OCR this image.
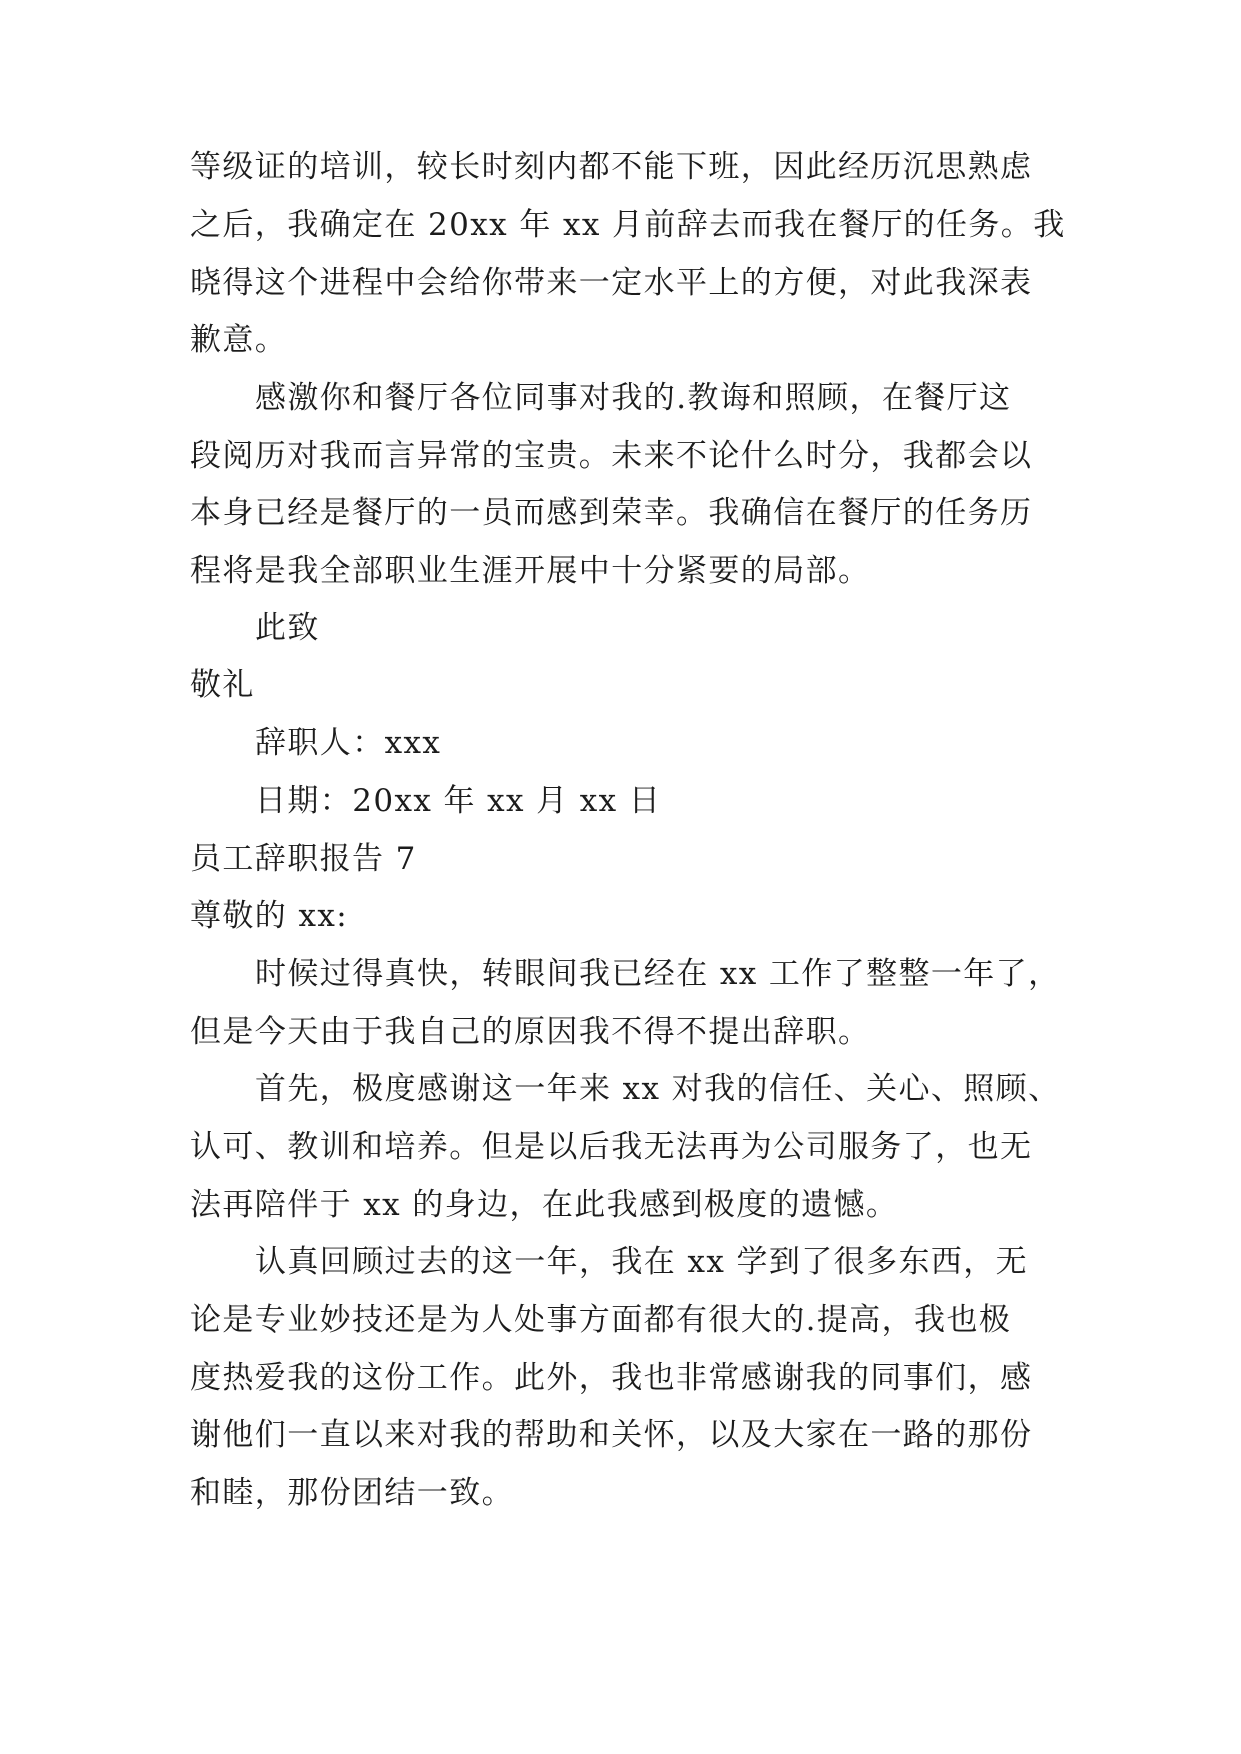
等级证的培训，较长时刻内都不能下班，因此经历沉思熟虑
之后，我确定在 20xx 年 xx 月前辞去而我在餐厅的任务。我
晓得这个进程中会给你带来一定水平上的方便，对此我深表
歉意。
感激你和餐厅各位同事对我的.教诲和照顾，在餐厅这
段阅历对我而言异常的宝贵。未来不论什么时分，我都会以
本身已经是餐厅的一员而感到荣幸。我确信在餐厅的任务历
程将是我全部职业生涯开展中十分紧要的局部。
此致
敬礼
辞职人：xxx
日期：20xx 年 xx 月 xx 日
员工辞职报告 7
尊敬的 xx:
时候过得真快，转眼间我已经在 xx 工作了整整一年了，
但是今天由于我自己的原因我不得不提出辞职。
首先，极度感谢这一年来 xx 对我的信任、关心、照顾、
认可、教训和培养。但是以后我无法再为公司服务了，也无
法再陪伴于 xx 的身边，在此我感到极度的遗憾。
认真回顾过去的这一年，我在 xx 学到了很多东西，无
论是专业妙技还是为人处事方面都有很大的.提高，我也极
度热爱我的这份工作。此外，我也非常感谢我的同事们，感
谢他们一直以来对我的帮助和关怀，以及大家在一路的那份
和睦，那份团结一致。
